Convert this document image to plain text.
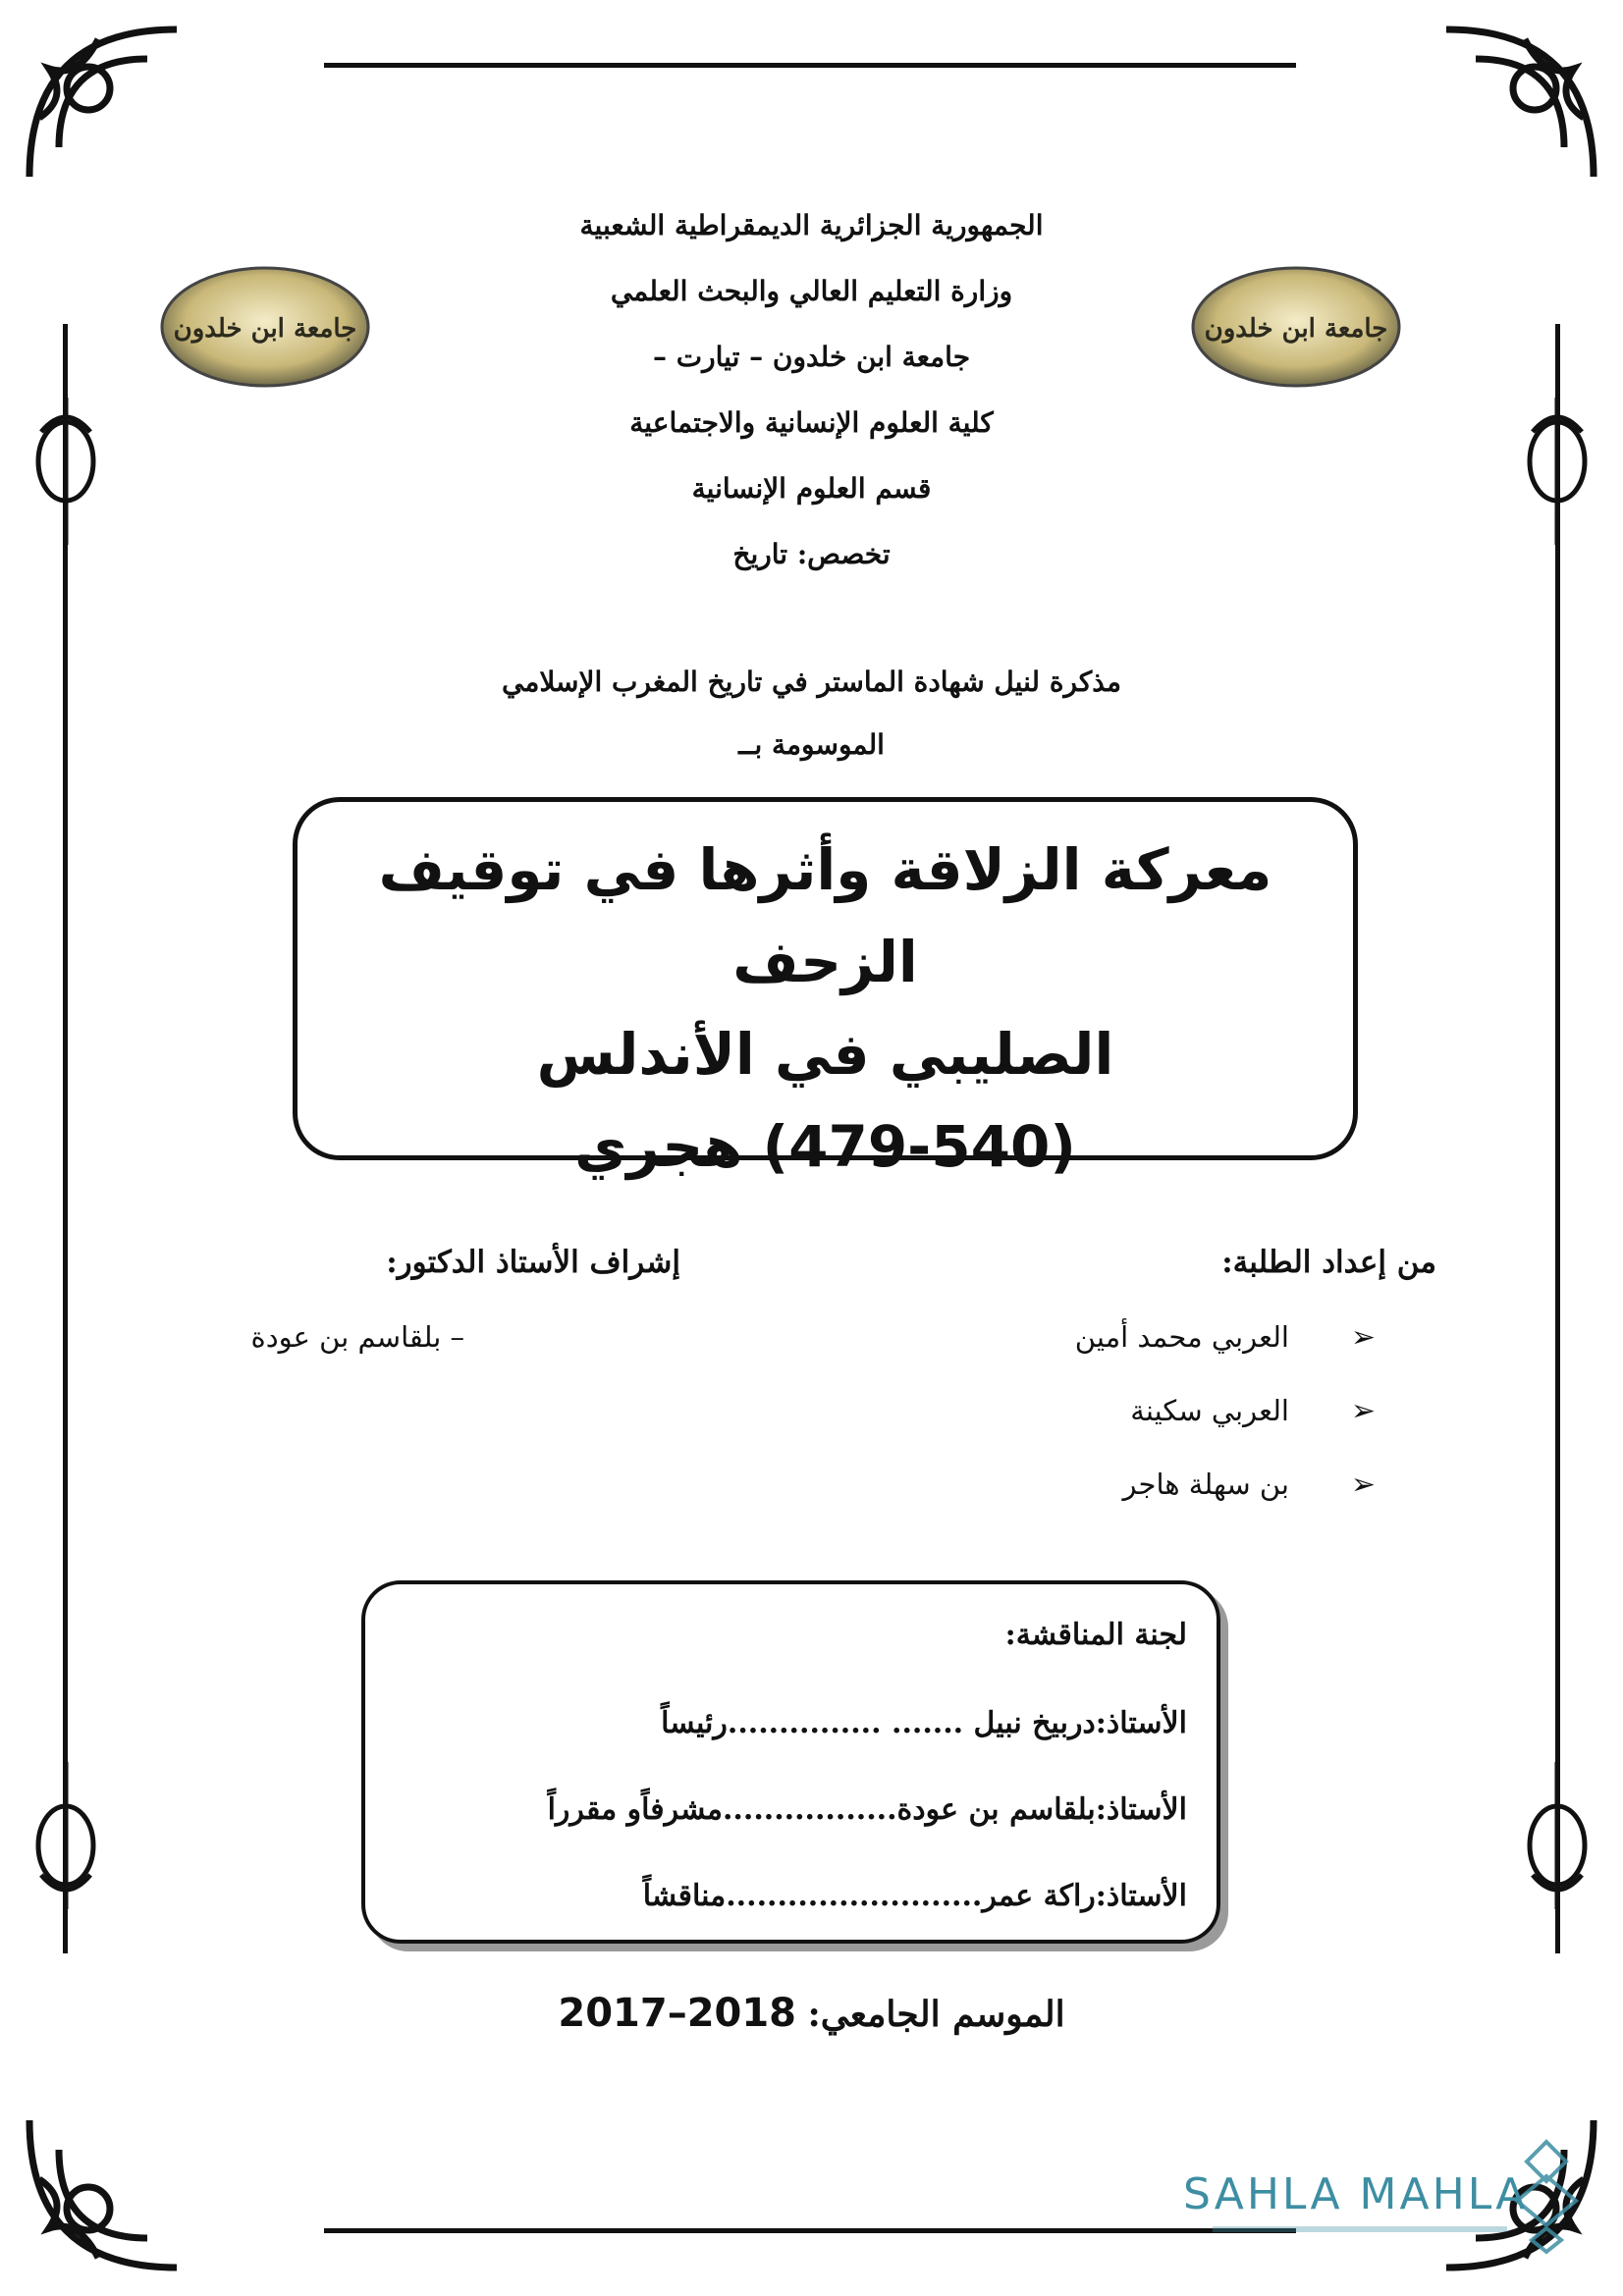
جامعة ابن خلدون	جامعة ابن خلدون
الجمهورية الجزائرية الديمقراطية الشعبية
وزارة التعليم العالي والبحث العلمي
جامعة ابن خلدون – تيارت –
كلية العلوم الإنسانية والاجتماعية
قسم العلوم الإنسانية
تخصص: تاريخ
مذكرة لنيل شهادة الماستر في تاريخ المغرب الإسلامي
الموسومة بــ
معركة الزلاقة وأثرها في توقيف الزحف
الصليبي في الأندلس
(479-540) هجري
من إعداد الطلبة:
إشراف الأستاذ الدكتور:
➢
العربي محمد أمين
➢
العربي سكينة
➢
بن سهلة هاجر
– بلقاسم بن عودة
لجنة المناقشة:
الأستاذ:دربيخ نبيل ....... ...............رئيساً
الأستاذ:بلقاسم بن عودة.................مشرفاًو مقرراً
الأستاذ:راكة عمر.........................مناقشاً
الموسم الجامعي: 2017–2018
SAHLA MAHLA
